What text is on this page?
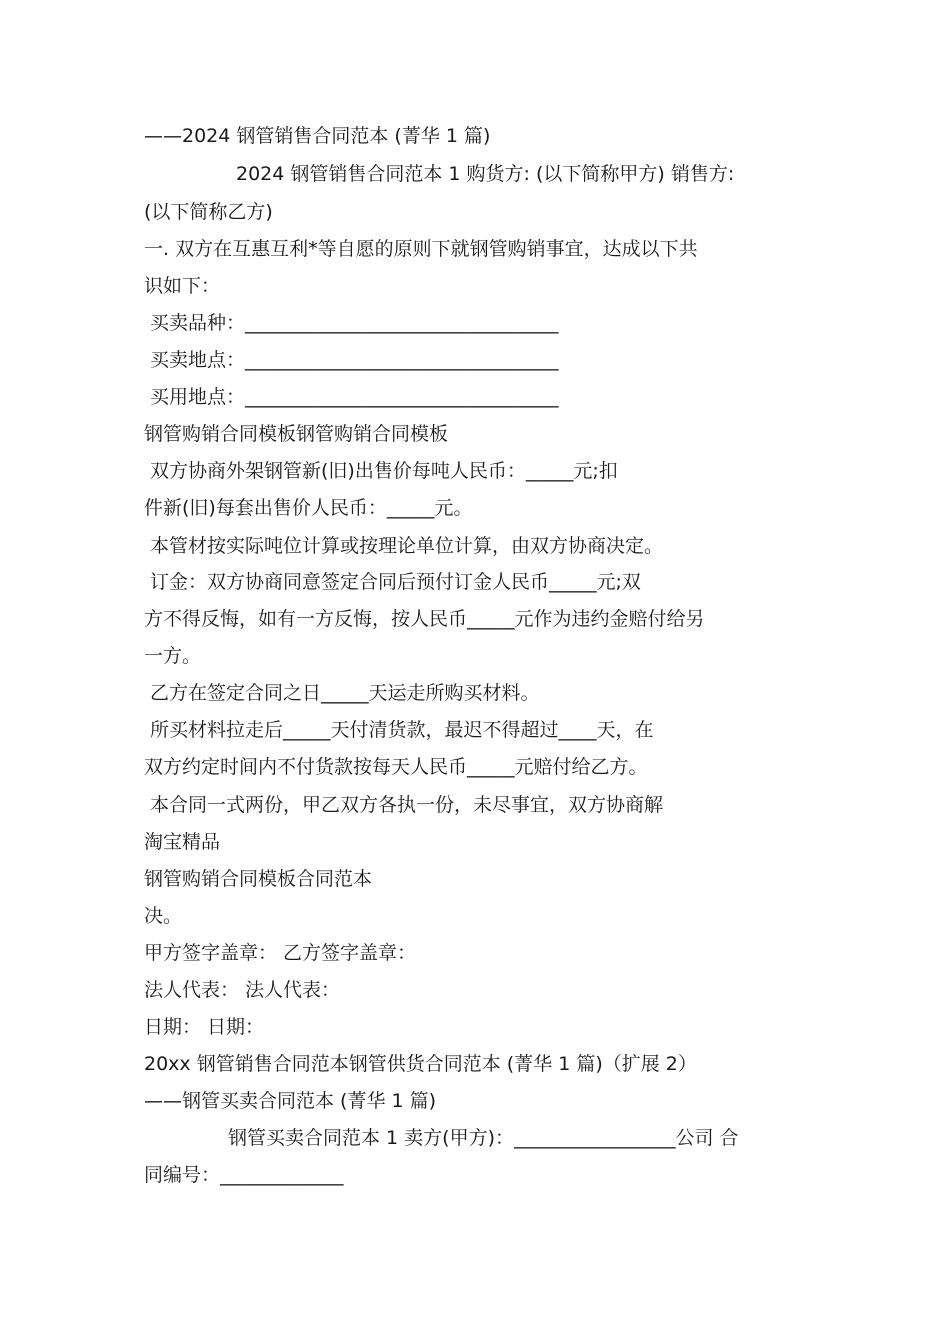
——2024 钢管销售合同范本 (菁华 1 篇)
2024 钢管销售合同范本 1 购货方: (以下简称甲方) 销售方:
(以下简称乙方)
一. 双方在互惠互利*等自愿的原则下就钢管购销事宜，达成以下共
识如下：
买卖品种：_________________________________
买卖地点：_________________________________
买用地点：_________________________________
钢管购销合同模板钢管购销合同模板
双方协商外架钢管新(旧)出售价每吨人民币：_____元;扣
件新(旧)每套出售价人民币：_____元。
本管材按实际吨位计算或按理论单位计算，由双方协商决定。
订金：双方协商同意签定合同后预付订金人民币_____元;双
方不得反悔，如有一方反悔，按人民币_____元作为违约金赔付给另
一方。
乙方在签定合同之日_____天运走所购买材料。
所买材料拉走后_____天付清货款，最迟不得超过____天，在
双方约定时间内不付货款按每天人民币_____元赔付给乙方。
本合同一式两份，甲乙双方各执一份，未尽事宜，双方协商解
淘宝精品
钢管购销合同模板合同范本
决。
甲方签字盖章： 乙方签字盖章：
法人代表： 法人代表：
日期： 日期：
20xx 钢管销售合同范本钢管供货合同范本 (菁华 1 篇)（扩展 2）
——钢管买卖合同范本 (菁华 1 篇)
钢管买卖合同范本 1 卖方(甲方)：_________________公司 合
同编号：_____________
